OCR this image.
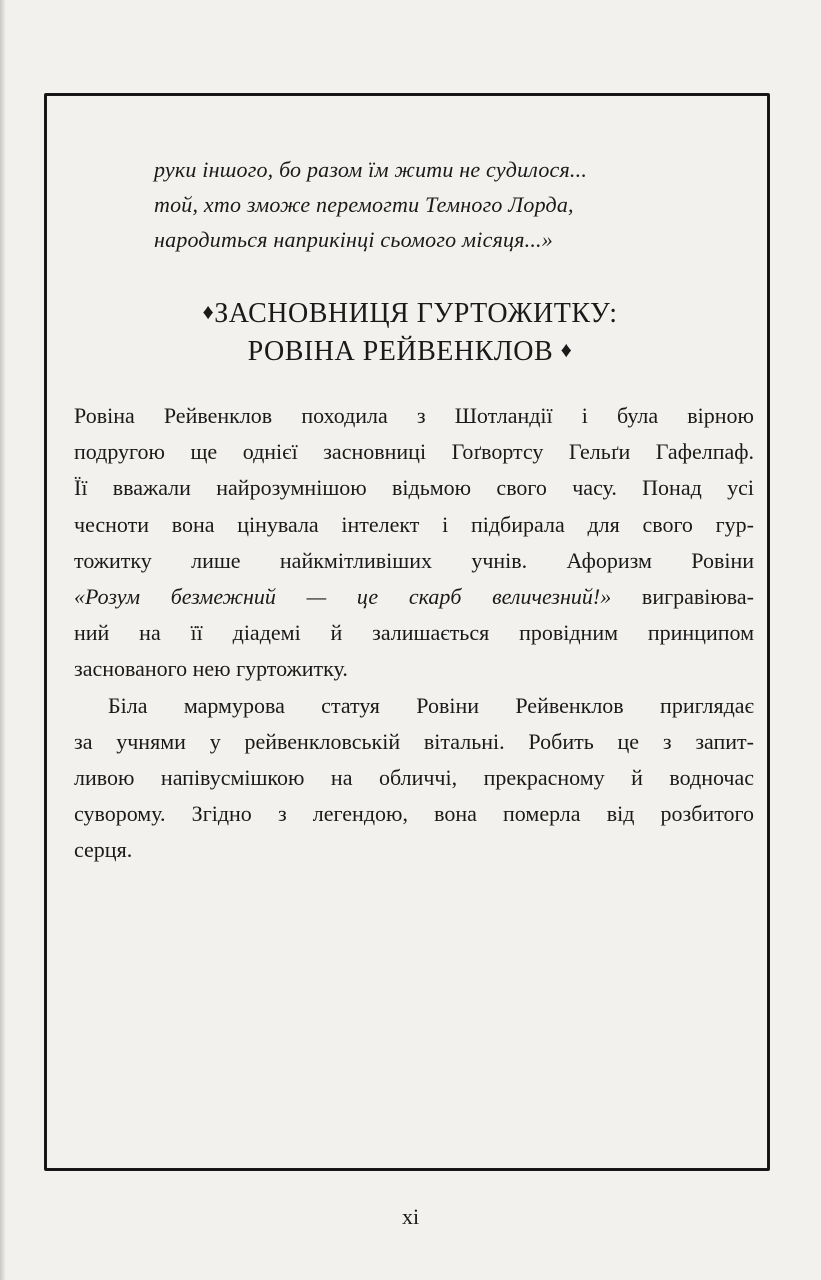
руки іншого, бо разом їм жити не судилося...
той, хто зможе перемогти Темного Лорда,
народиться наприкінці сьомого місяця...»
♦ЗАСНОВНИЦЯ ГУРТОЖИТКУ:
РОВІНА РЕЙВЕНКЛОВ ♦
Ровіна Рейвенклов походила з Шотландії і була вірною
подругою ще однієї засновниці Гоґвортсу Гельґи Гафелпаф.
Її вважали найрозумнішою відьмою свого часу. Понад усі
чесноти вона цінувала інтелект і підбирала для свого гур-
тожитку лише найкмітливіших учнів. Афоризм Ровіни
«Розум безмежний — це скарб величезний!» вигравіюва-
ний на її діадемі й залишається провідним принципом
заснованого нею гуртожитку.
Біла мармурова статуя Ровіни Рейвенклов приглядає
за учнями у рейвенкловській вітальні. Робить це з запит-
ливою напівусмішкою на обличчі, прекрасному й водночас
суворому. Згідно з легендою, вона померла від розбитого
серця.
xi
